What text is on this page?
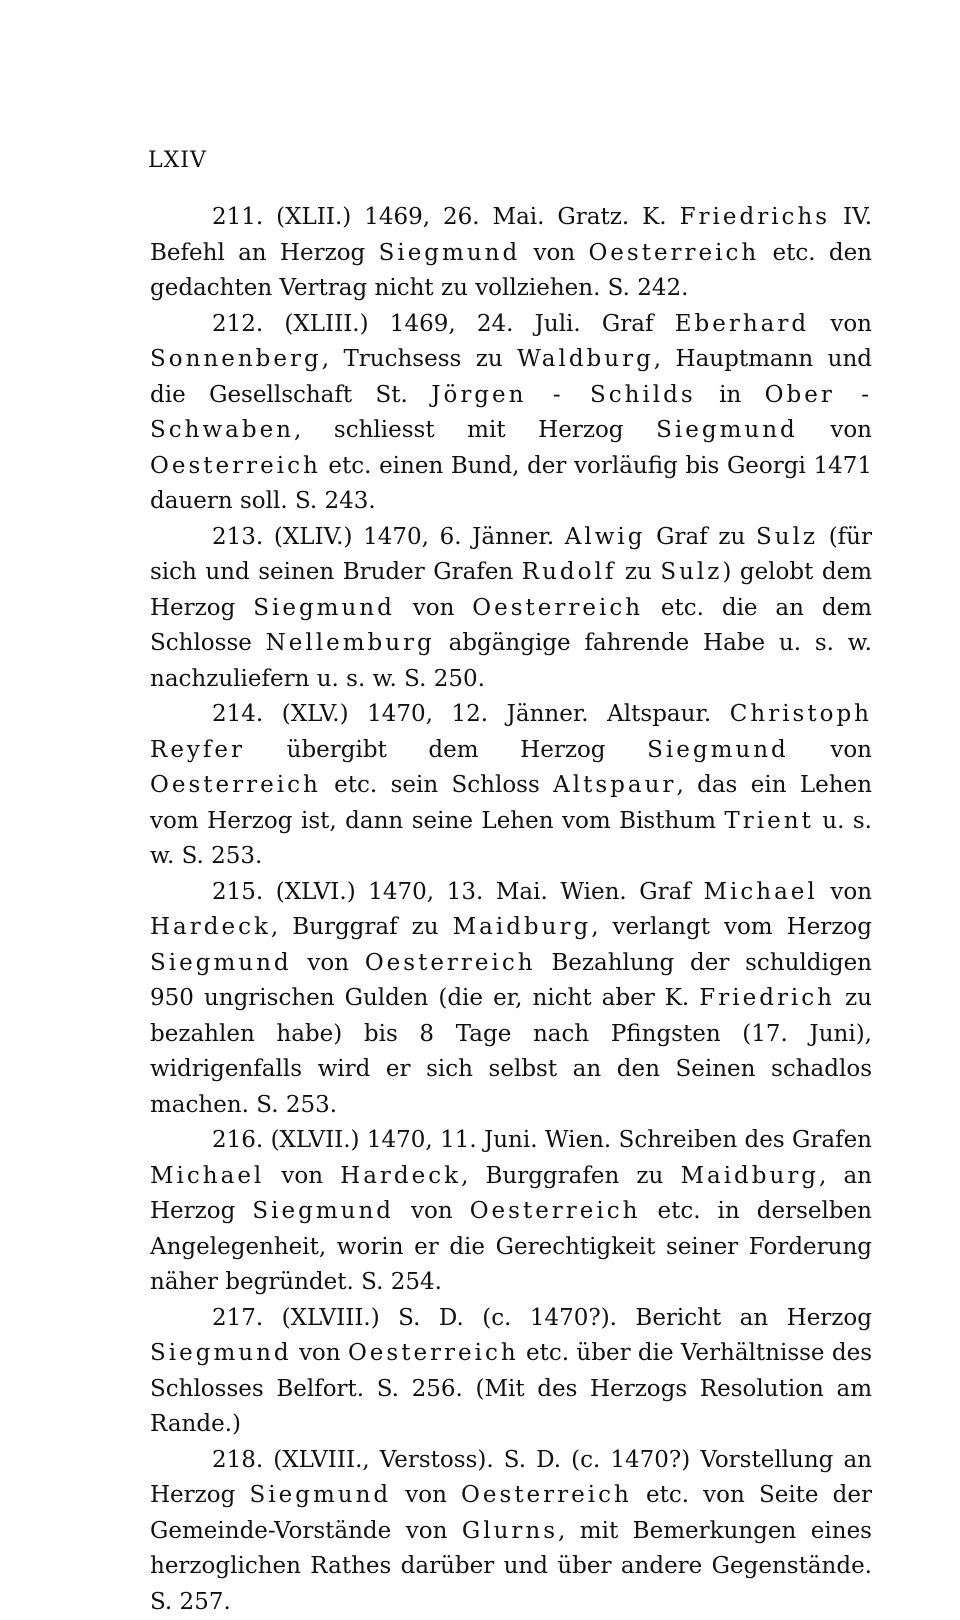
LXIV

211. (XLII.) 1469, 26. Mai. Gratz. K. Friedrichs IV. Befehl an Herzog Siegmund von Oesterreich etc. den gedachten Vertrag nicht zu vollziehen. S. 242.

212. (XLIII.) 1469, 24. Juli. Graf Eberhard von Sonnenberg, Truchsess zu Waldburg, Hauptmann und die Gesellschaft St. Jörgen - Schilds in Ober - Schwaben, schliesst mit Herzog Siegmund von Oesterreich etc. einen Bund, der vorläufig bis Georgi 1471 dauern soll. S. 243.

213. (XLIV.) 1470, 6. Jänner. Alwig Graf zu Sulz (für sich und seinen Bruder Grafen Rudolf zu Sulz) gelobt dem Herzog Siegmund von Oesterreich etc. die an dem Schlosse Nellemburg abgängige fahrende Habe u. s. w. nachzuliefern u. s. w. S. 250.

214. (XLV.) 1470, 12. Jänner. Altspaur. Christoph Reyfer übergibt dem Herzog Siegmund von Oesterreich etc. sein Schloss Altspaur, das ein Lehen vom Herzog ist, dann seine Lehen vom Bisthum Trient u. s. w. S. 253.

215. (XLVI.) 1470, 13. Mai. Wien. Graf Michael von Hardeck, Burggraf zu Maidburg, verlangt vom Herzog Siegmund von Oesterreich Bezahlung der schuldigen 950 ungrischen Gulden (die er, nicht aber K. Friedrich zu bezahlen habe) bis 8 Tage nach Pfingsten (17. Juni), widrigenfalls wird er sich selbst an den Seinen schadlos machen. S. 253.

216. (XLVII.) 1470, 11. Juni. Wien. Schreiben des Grafen Michael von Hardeck, Burggrafen zu Maidburg, an Herzog Siegmund von Oesterreich etc. in derselben Angelegenheit, worin er die Gerechtigkeit seiner Forderung näher begründet. S. 254.

217. (XLVIII.) S. D. (c. 1470?). Bericht an Herzog Siegmund von Oesterreich etc. über die Verhältnisse des Schlosses Belfort. S. 256. (Mit des Herzogs Resolution am Rande.)

218. (XLVIII., Verstoss). S. D. (c. 1470?) Vorstellung an Herzog Siegmund von Oesterreich etc. von Seite der Gemeinde-Vorstände von Glurns, mit Bemerkungen eines herzoglichen Rathes darüber und über andere Gegenstände. S. 257.
